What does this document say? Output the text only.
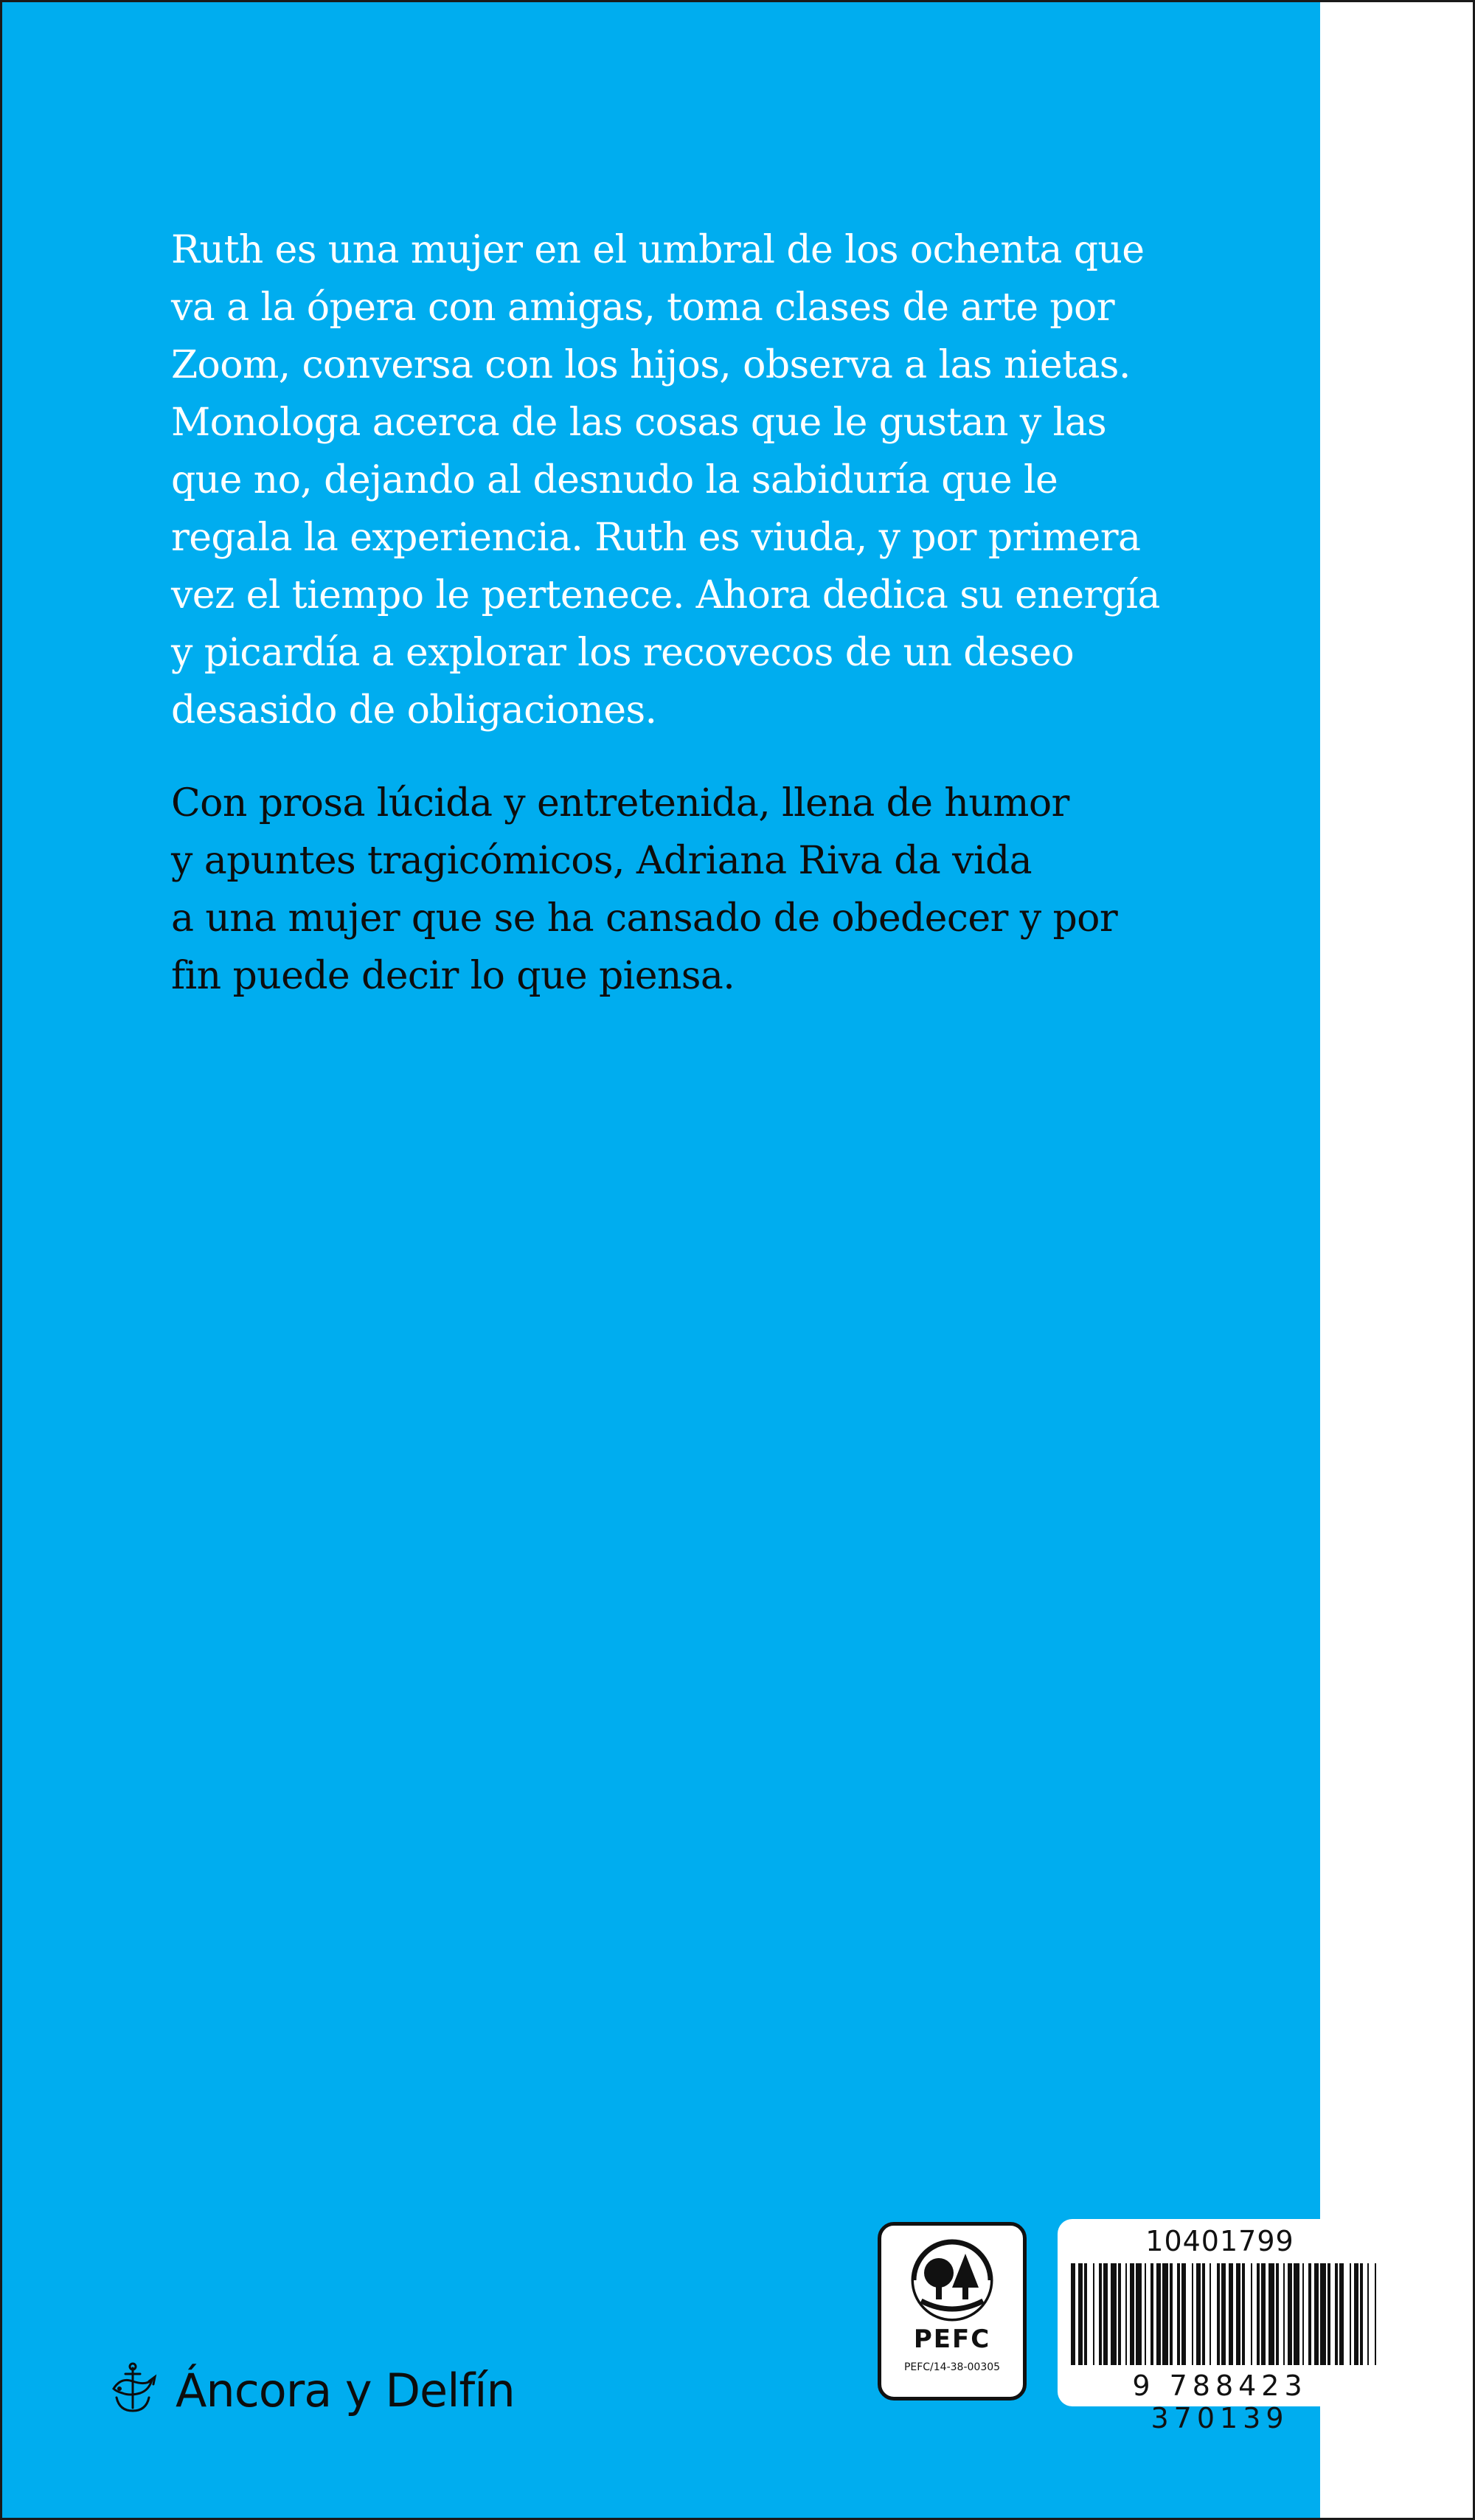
Ruth es una mujer en el umbral de los ochenta que
va a la ópera con amigas, toma clases de arte por
Zoom, conversa con los hijos, observa a las nietas.
Monologa acerca de las cosas que le gustan y las
que no, dejando al desnudo la sabiduría que le
regala la experiencia. Ruth es viuda, y por primera
vez el tiempo le pertenece. Ahora dedica su energía
y picardía a explorar los recovecos de un deseo
desasido de obligaciones.

Con prosa lúcida y entretenida, llena de humor
y apuntes tragicómicos, Adriana Riva da vida
a una mujer que se ha cansado de obedecer y por
fin puede decir lo que piensa.

Áncora y Delfín
PEFC
PEFC/14-38-00305
10401799
9 788423 370139
